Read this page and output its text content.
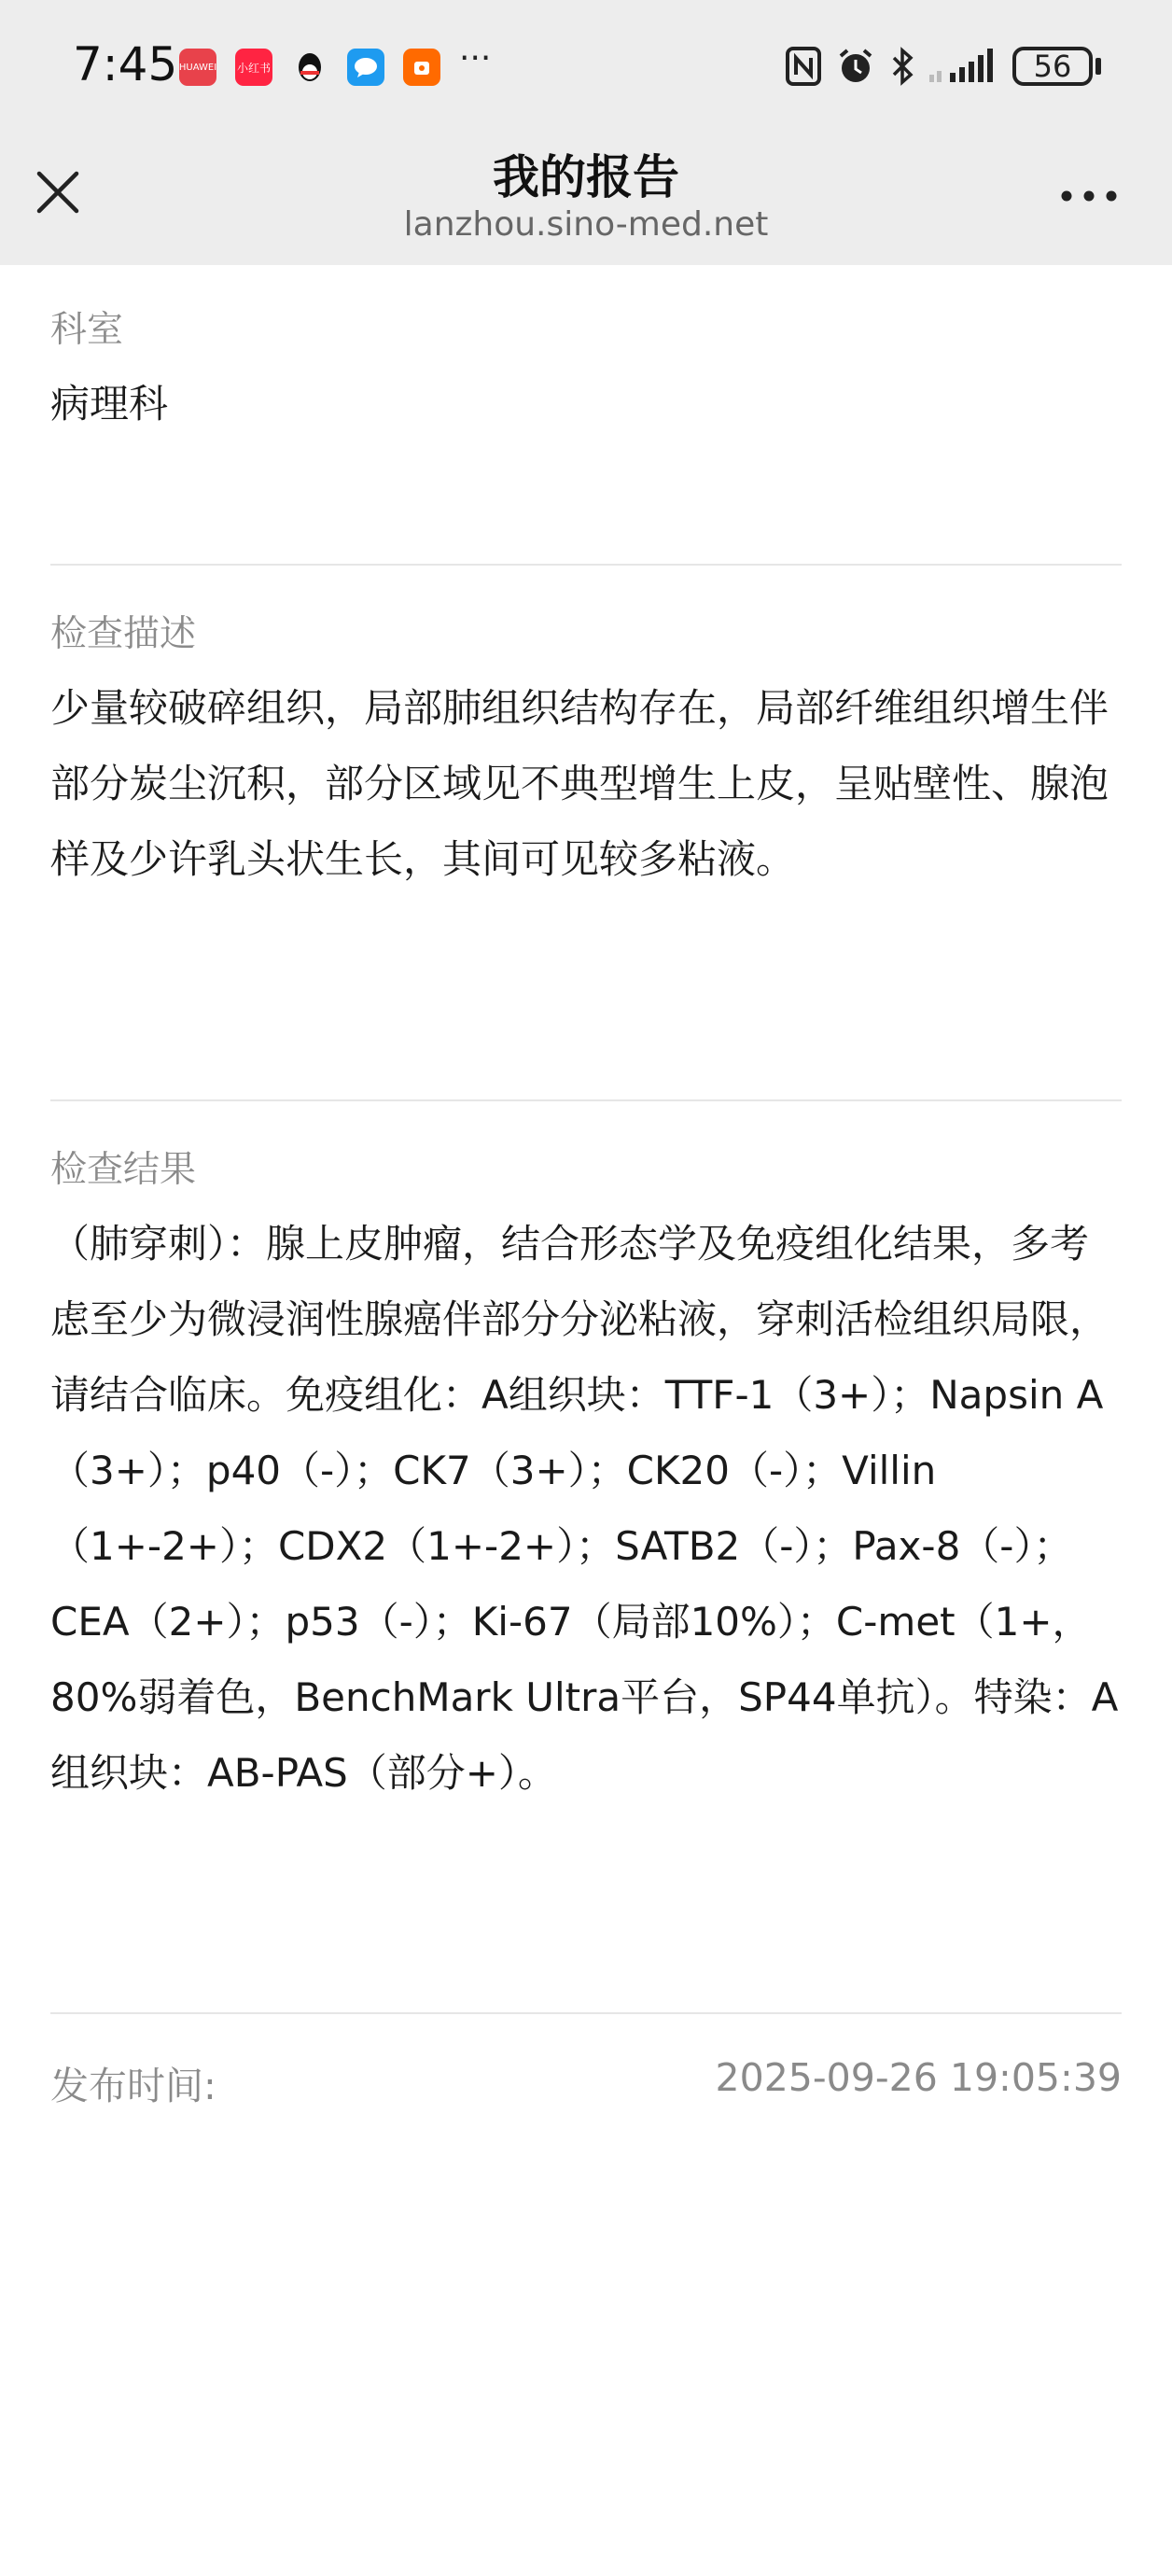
7:45 HUAWEI 小红书	···	56
我的报告
lanzhou.sino-med.net
科室
病理科
检查描述
少量较破碎组织，局部肺组织结构存在，局部纤维组织增生伴部分炭尘沉积，部分区域见不典型增生上皮，呈贴壁性、腺泡样及少许乳头状生长，其间可见较多粘液。
检查结果
（肺穿刺）：腺上皮肿瘤，结合形态学及免疫组化结果，多考虑至少为微浸润性腺癌伴部分分泌粘液，穿刺活检组织局限，请结合临床。免疫组化：A组织块：TTF-1（3+）；Napsin A（3+）；p40（-）；CK7（3+）；CK20（-）；Villin（1+-2+）；CDX2（1+-2+）；SATB2（-）；Pax-8（-）；CEA（2+）；p53（-）；Ki-67（局部10%）；C-met（1+，80%弱着色，BenchMark Ultra平台，SP44单抗）。特染：A组织块：AB-PAS（部分+）。
发布时间:	2025-09-26 19:05:39
